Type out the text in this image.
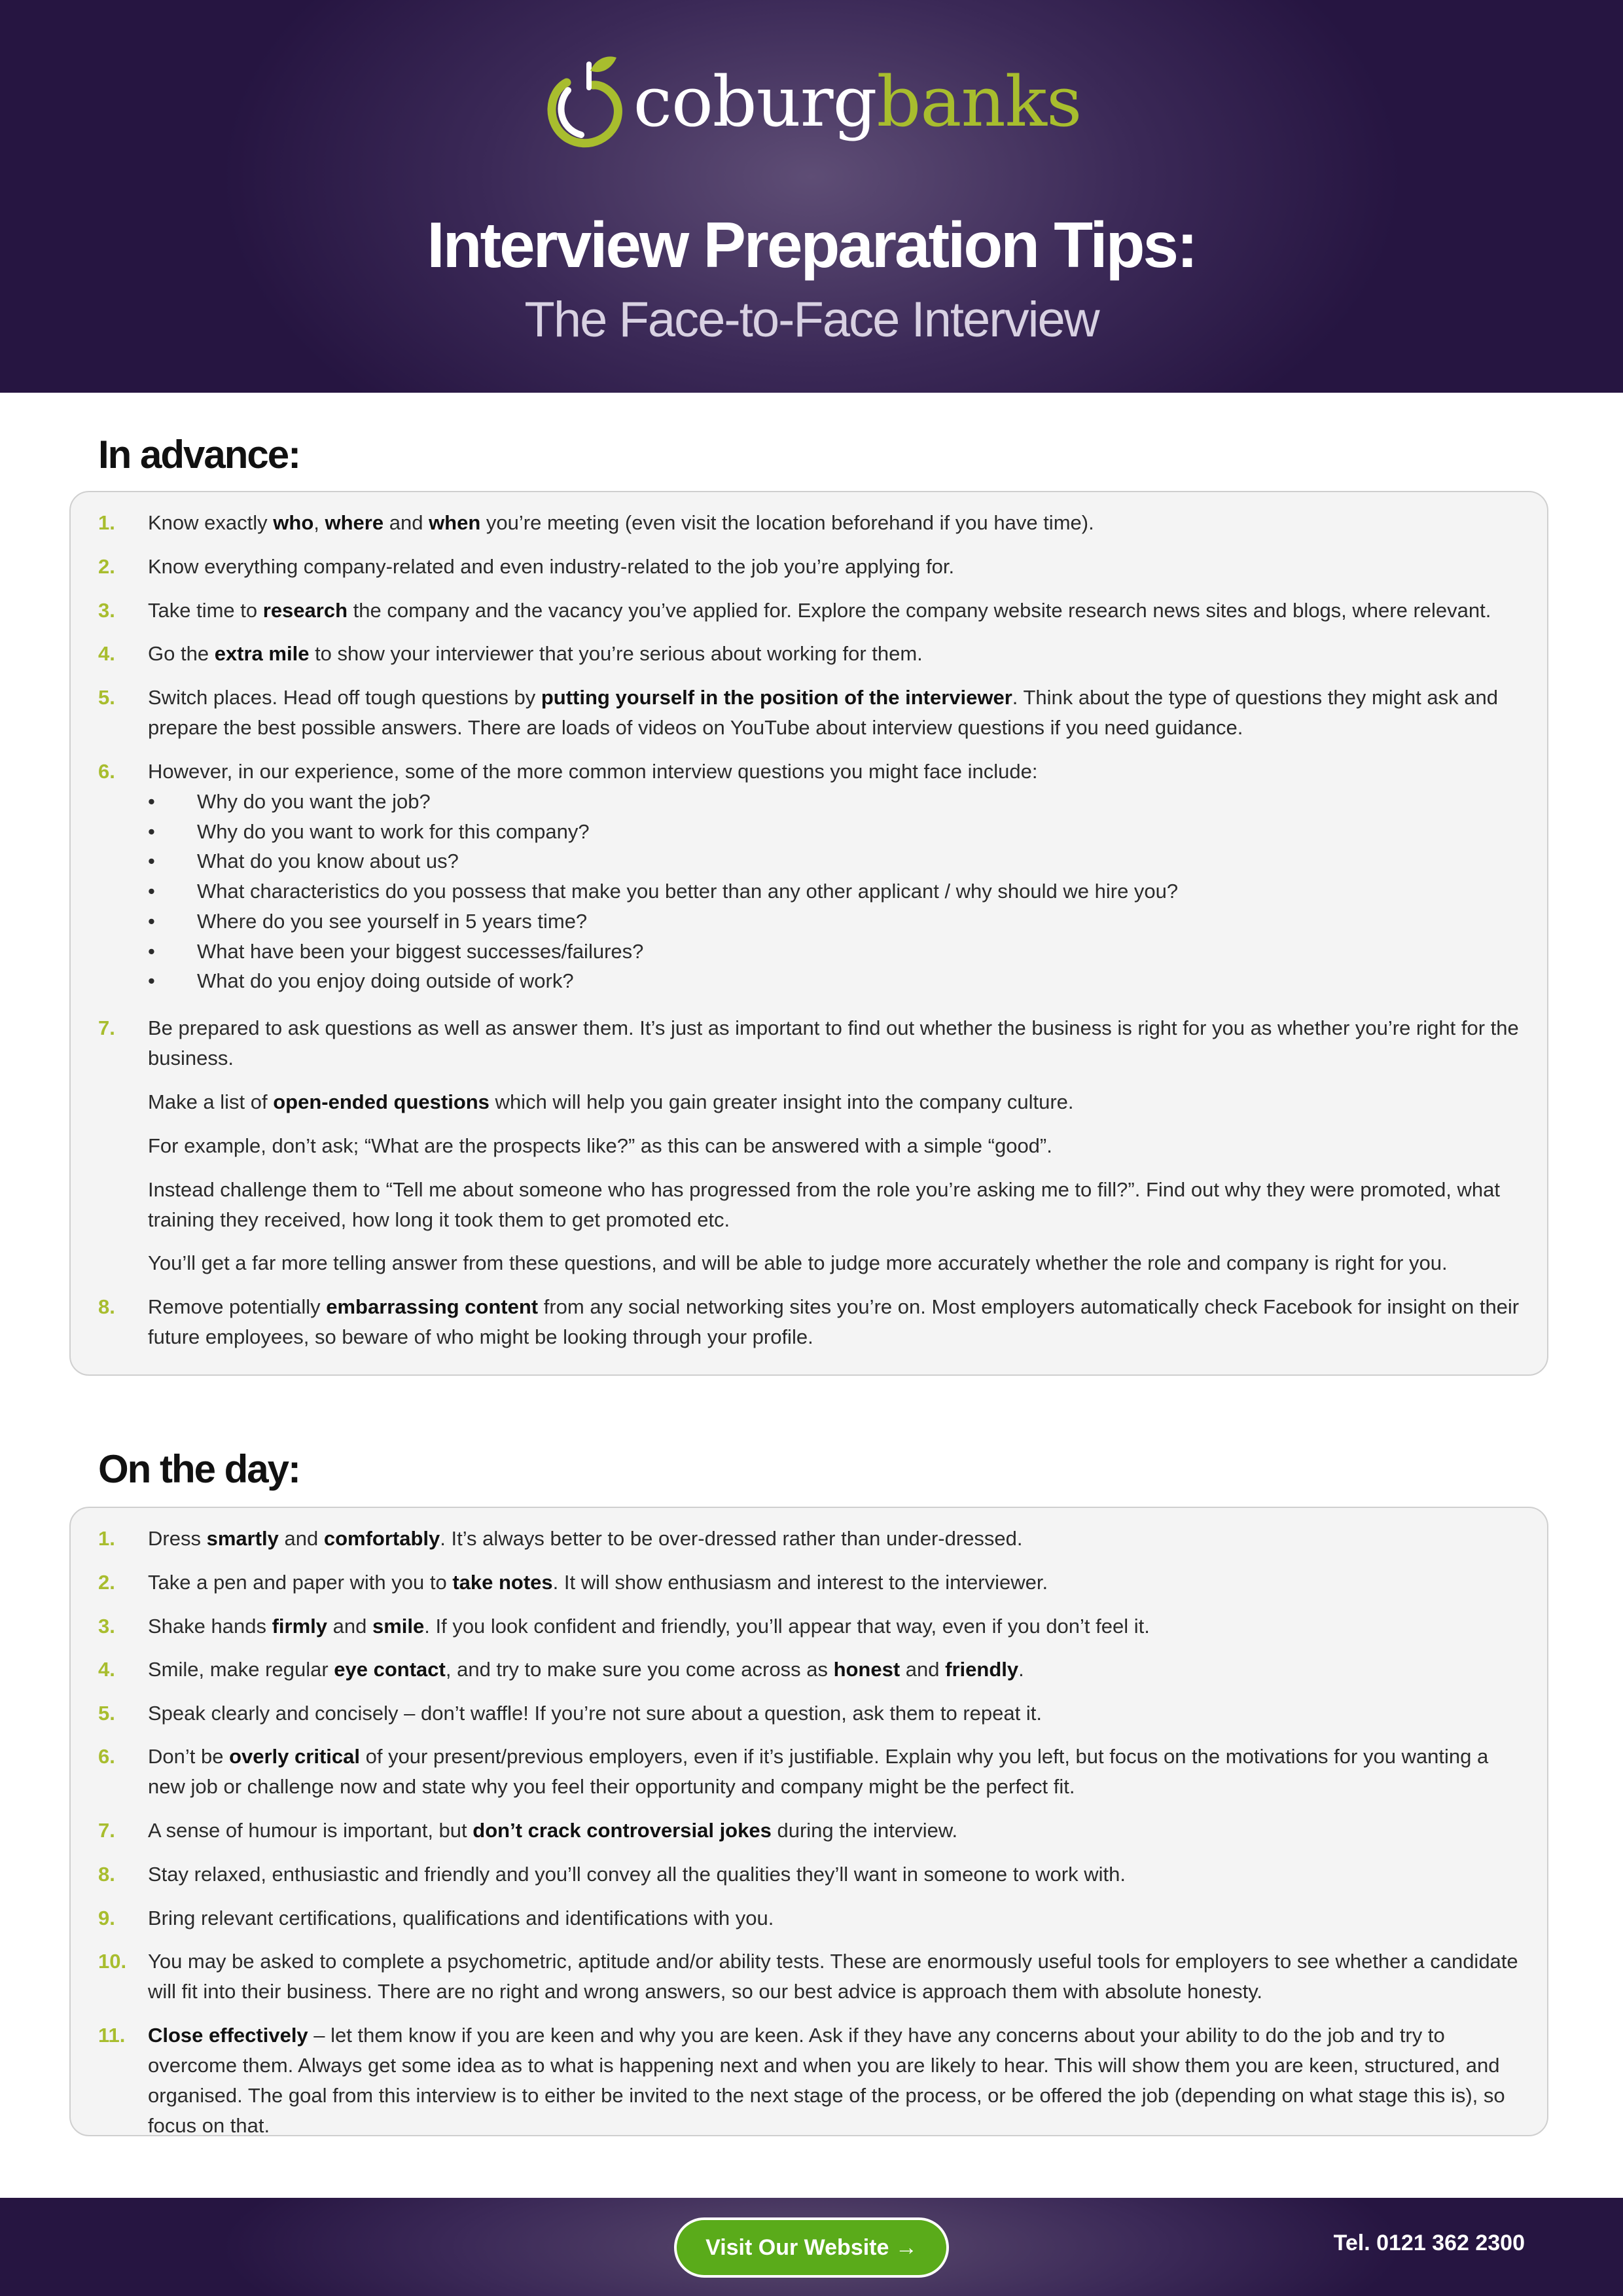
coburgbanks
Interview Preparation Tips:
The Face-to-Face Interview
In advance:
1. Know exactly who, where and when you’re meeting (even visit the location beforehand if you have time).
2. Know everything company-related and even industry-related to the job you’re applying for.
3. Take time to research the company and the vacancy you’ve applied for. Explore the company website research news sites and blogs, where relevant.
4. Go the extra mile to show your interviewer that you’re serious about working for them.
5. Switch places. Head off tough questions by putting yourself in the position of the interviewer. Think about the type of questions they might ask and prepare the best possible answers. There are loads of videos on YouTube about interview questions if you need guidance.
6. However, in our experience, some of the more common interview questions you might face include:
7. Be prepared to ask questions as well as answer them. It’s just as important to find out whether the business is right for you as whether you’re right for the business.
8. Remove potentially embarrassing content from any social networking sites you’re on. Most employers automatically check Facebook for insight on their future employees, so beware of who might be looking through your profile.
• Why do you want the job?
• Why do you want to work for this company?
• What do you know about us?
• What characteristics do you possess that make you better than any other applicant / why should we hire you?
• Where do you see yourself in 5 years time?
• What have been your biggest successes/failures?
• What do you enjoy doing outside of work?
Make a list of open-ended questions which will help you gain greater insight into the company culture.
For example, don’t ask; “What are the prospects like?” as this can be answered with a simple “good”.
Instead challenge them to “Tell me about someone who has progressed from the role you’re asking me to fill?”. Find out why they were promoted, what training they received, how long it took them to get promoted etc.
You’ll get a far more telling answer from these questions, and will be able to judge more accurately whether the role and company is right for you.
On the day:
1. Dress smartly and comfortably. It’s always better to be over-dressed rather than under-dressed.
2. Take a pen and paper with you to take notes. It will show enthusiasm and interest to the interviewer.
3. Shake hands firmly and smile. If you look confident and friendly, you’ll appear that way, even if you don’t feel it.
4. Smile, make regular eye contact, and try to make sure you come across as honest and friendly.
5. Speak clearly and concisely – don’t waffle! If you’re not sure about a question, ask them to repeat it.
6. Don’t be overly critical of your present/previous employers, even if it’s justifiable. Explain why you left, but focus on the motivations for you wanting a new job or challenge now and state why you feel their opportunity and company might be the perfect fit.
7. A sense of humour is important, but don’t crack controversial jokes during the interview.
8. Stay relaxed, enthusiastic and friendly and you’ll convey all the qualities they’ll want in someone to work with.
9. Bring relevant certifications, qualifications and identifications with you.
10. You may be asked to complete a psychometric, aptitude and/or ability tests. These are enormously useful tools for employers to see whether a candidate will fit into their business. There are no right and wrong answers, so our best advice is approach them with absolute honesty.
11. Close effectively – let them know if you are keen and why you are keen. Ask if they have any concerns about your ability to do the job and try to overcome them. Always get some idea as to what is happening next and when you are likely to hear. This will show them you are keen, structured, and organised. The goal from this interview is to either be invited to the next stage of the process, or be offered the job (depending on what stage this is), so focus on that.
Visit Our Website →	Tel. 0121 362 2300
